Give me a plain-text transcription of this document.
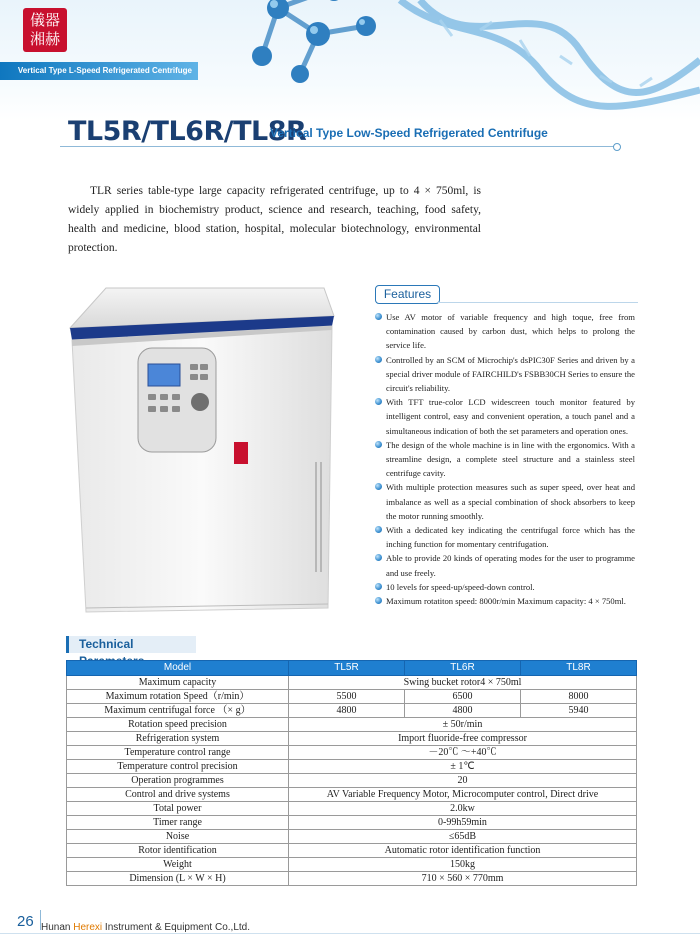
儀器湘赫
Vertical Type L-Speed Refrigerated Centrifuge
TL5R/TL6R/TL8R
Vertical Type Low-Speed Refrigerated Centrifuge

TLR series table-type large capacity refrigerated centrifuge, up to 4 × 750ml, is widely applied in biochemistry product, science and research, teaching, food safety, health and medicine, blood station, hospital, molecular biotechnology, environmental protection.

Features
Use AV motor of variable frequency and high toque, free from contamination caused by carbon dust, which helps to prolong the service life.
Controlled by an SCM of Microchip's dsPIC30F Series and driven by a special driver module of FAIRCHILD's FSBB30CH Series to ensure the circuit's reliability.
With TFT true-color LCD widescreen touch monitor featured by intelligent control, easy and convenient operation, a touch panel and a simultaneous indication of both the set parameters and operation ones.
The design of the whole machine is in line with the ergonomics. With a streamline design, a complete steel structure and a stainless steel centrifuge cavity.
With multiple protection measures such as super speed, over heat and imbalance as well as a special combination of shock absorbers to keep the motor running smoothly.
With a dedicated key indicating the centrifugal force which has the inching function for momentary centrifugation.
Able to provide 20 kinds of operating modes for the user to programme and use freely.
10 levels for speed-up/speed-down control.
Maximum rotatiton speed: 8000r/min Maximum capacity: 4 × 750ml.
Technical
Model	TL5R	TL6R	TL8R
Maximum capacity	Swing bucket rotor4 × 750ml		
Maximum rotation Speed（r/min）	5500	6500	8000
Maximum centrifugal force （× g）	4800	4800	5940
Rotation speed precision	± 50r/min		
Refrigeration system	Import fluoride-free compressor		
Temperature control range	－20℃ ～+40℃		
Temperature control precision	± 1℃		
Operation programmes	20		
Control and drive systems	AV Variable Frequency Motor, Microcomputer control, Direct drive		
Total power	2.0kw		
Timer range	0-99h59min		
Noise	≤65dB		
Rotor identification	Automatic rotor identification function		
Weight	150kg		
Dimension (L × W × H)	710 × 560 × 770mm		
26 Hunan Herexi Instrument & Equipment Co.,Ltd.
